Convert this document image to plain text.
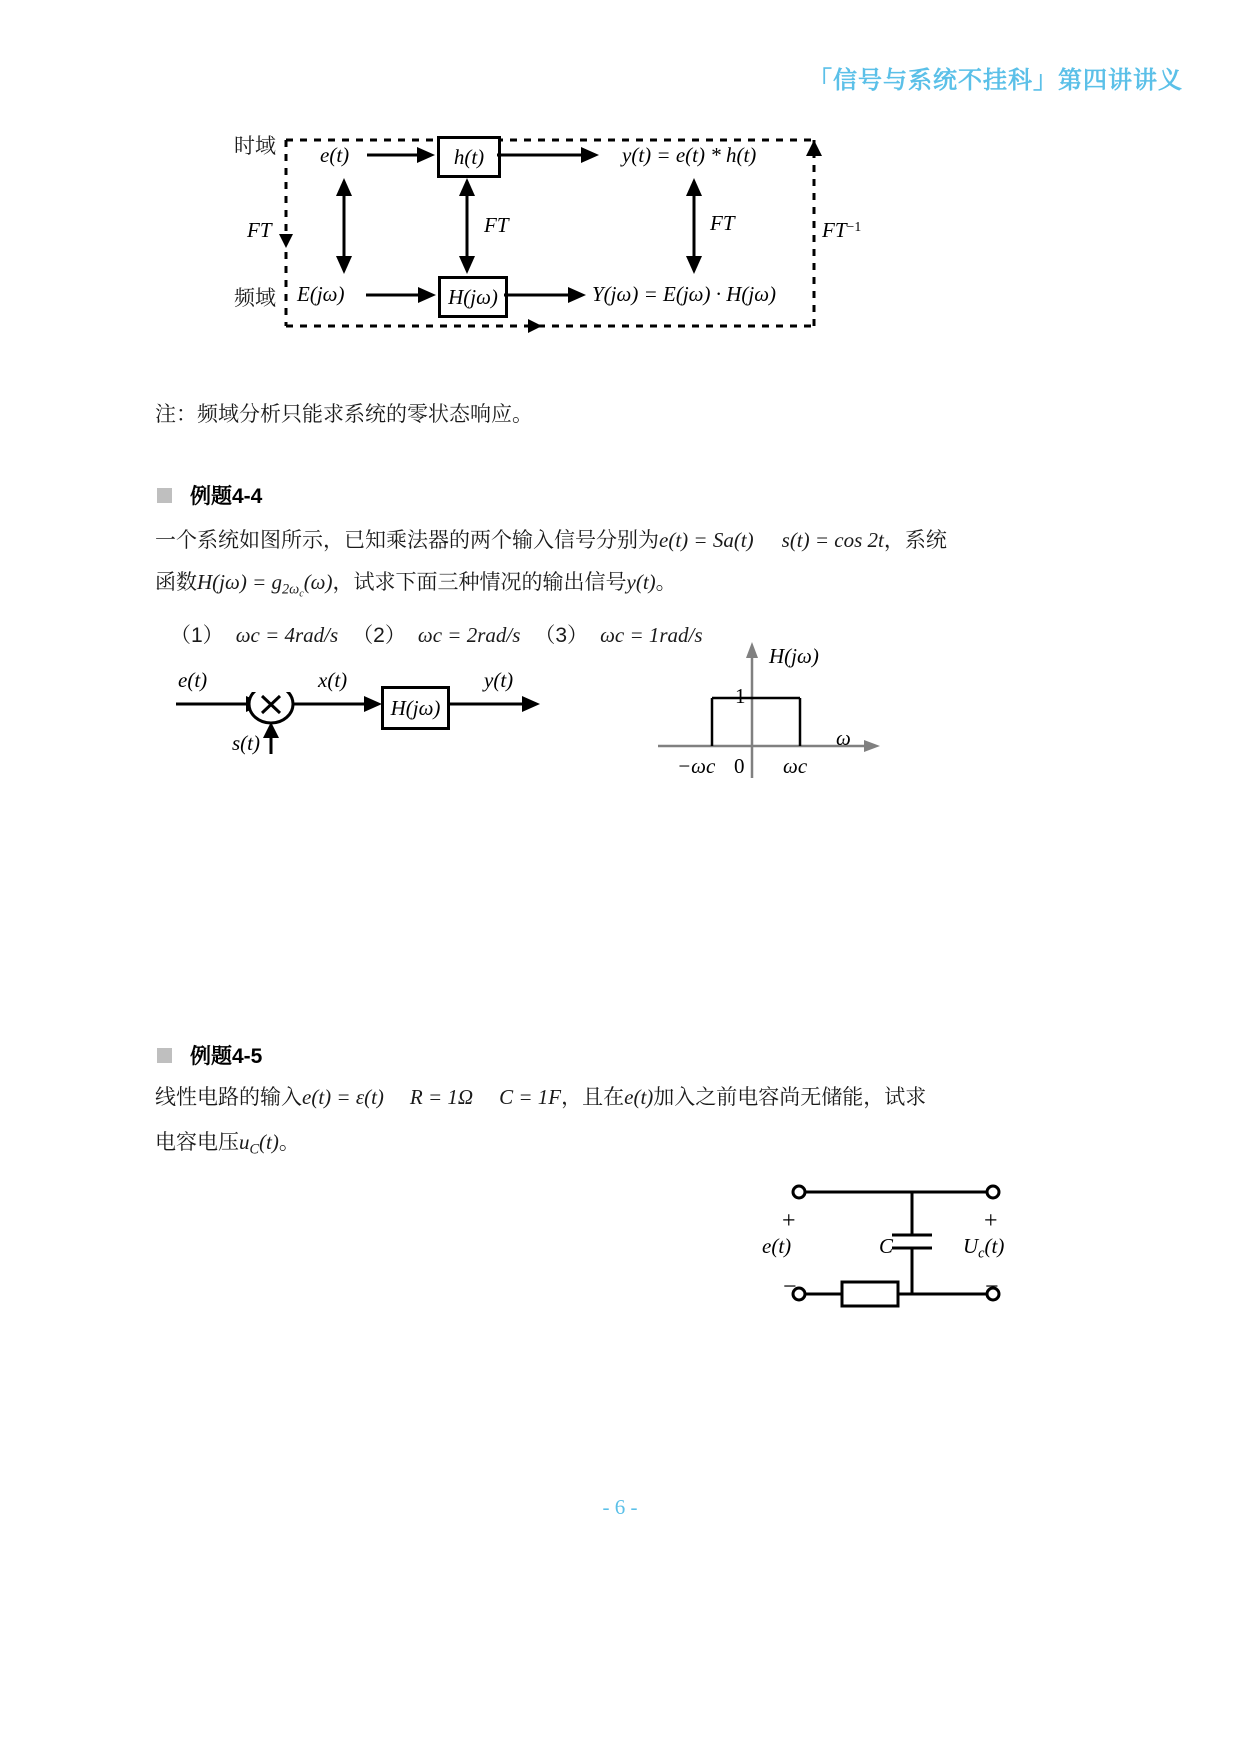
「信号与系统不挂科」第四讲讲义
时域
频域
FT	$FT^{-1}$
e(t)	h(t)	y(t) = e(t) * h(t)
E(jω)	H(jω)	Y(jω) = E(jω) · H(jω)
FT	FT
注：频域分析只能求系统的零状态响应。
例题4-4
一个系统如图所示，已知乘法器的两个输入信号分别为e(t) = Sa(t) s(t) = cos 2t，系统
函数$H(j\omega) = g_{2\omega c}(\omega)$，试求下面三种情况的输出信号y(t)。
（1） ωc = 4rad/s （2） ωc = 2rad/s （3） ωc = 1rad/s
e(t)	x(t)
H(jω)
y(t)
s(t)
H(jω)
ω
1
0
−ωc	ωc
例题4-5
线性电路的输入e(t) = ε(t) R = 1Ω C = 1F，且在e(t)加入之前电容尚无储能，试求
电容电压$u_C(t)$。
+
−
e(t)	C
+
−
$U_c(t)$
- 6 -
